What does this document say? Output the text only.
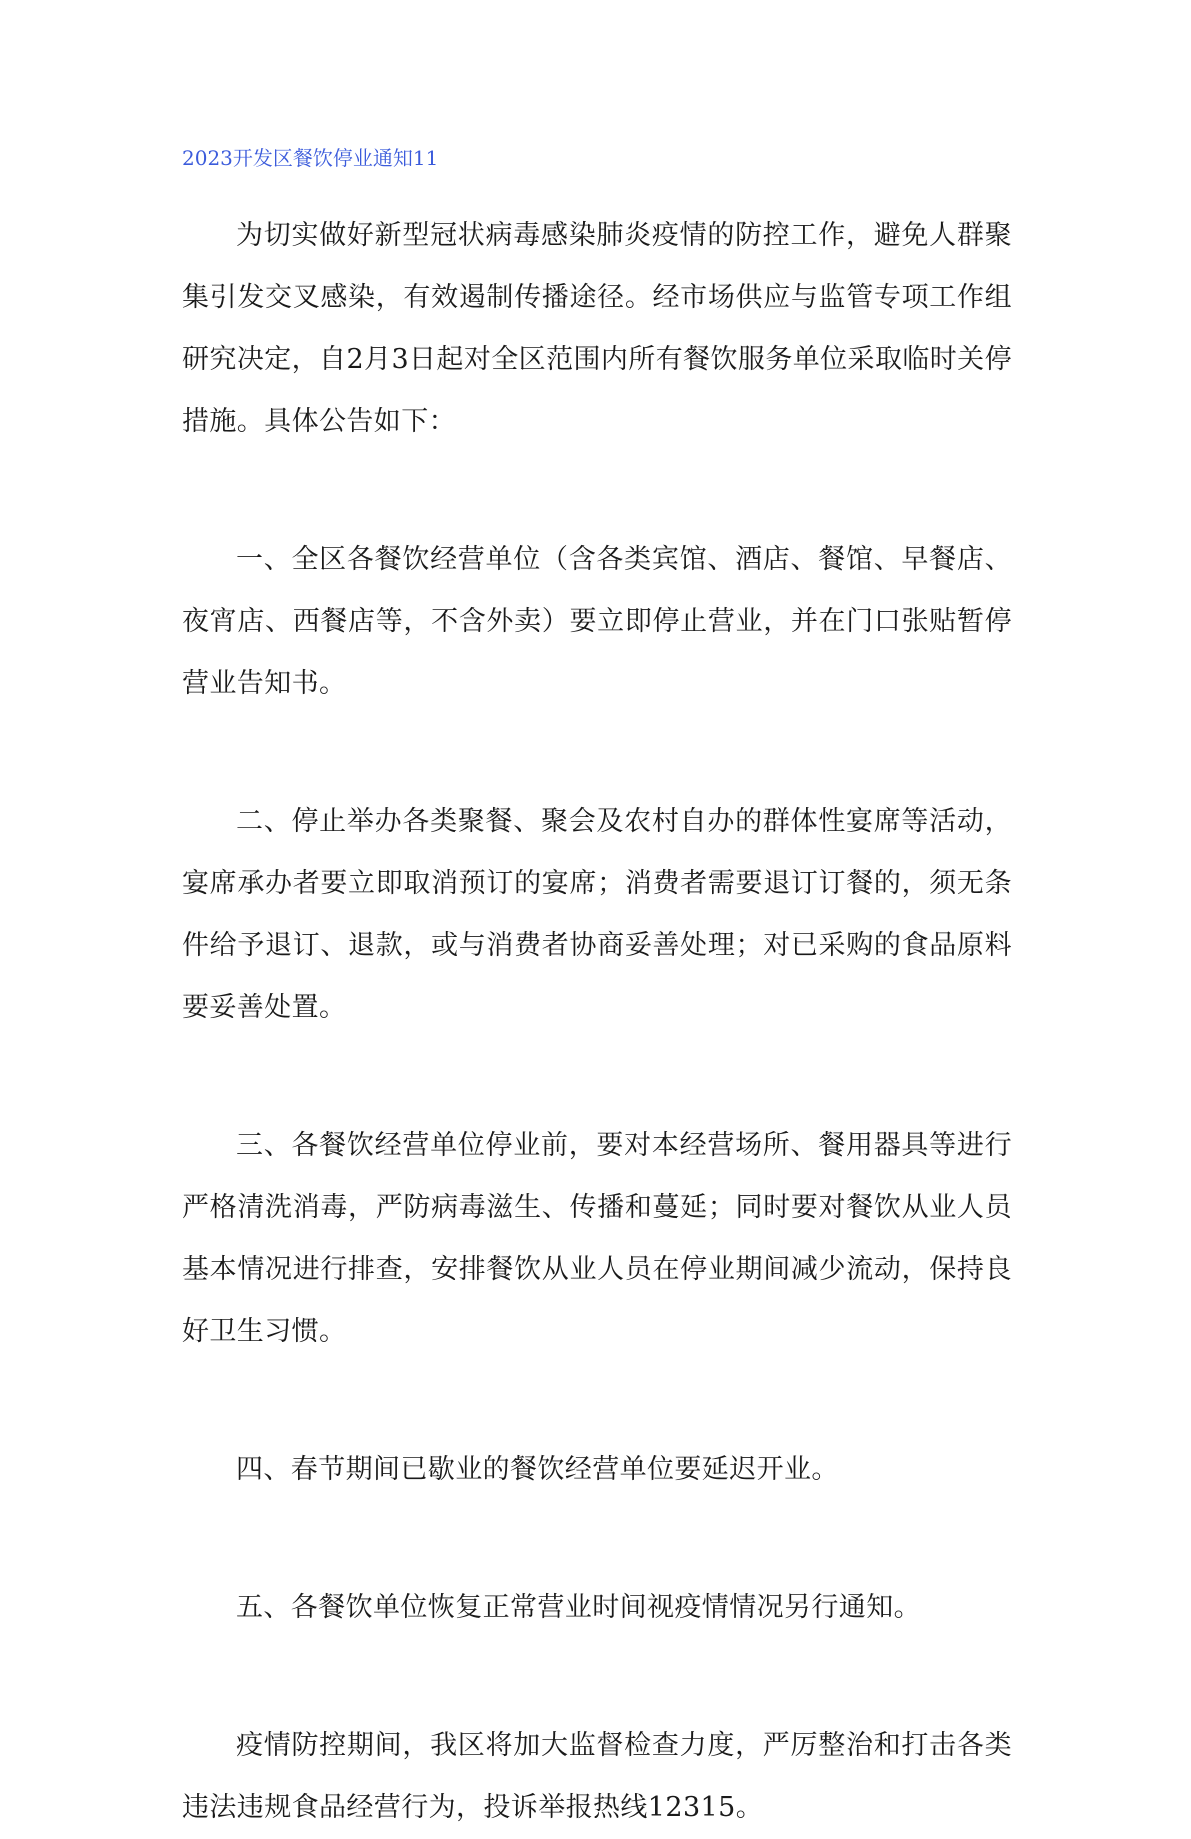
2023开发区餐饮停业通知11

为切实做好新型冠状病毒感染肺炎疫情的防控工作，避免人群聚集引发交叉感染，有效遏制传播途径。经市场供应与监管专项工作组研究决定，自2月3日起对全区范围内所有餐饮服务单位采取临时关停措施。具体公告如下：

一、全区各餐饮经营单位（含各类宾馆、酒店、餐馆、早餐店、夜宵店、西餐店等，不含外卖）要立即停止营业，并在门口张贴暂停营业告知书。

二、停止举办各类聚餐、聚会及农村自办的群体性宴席等活动，宴席承办者要立即取消预订的宴席；消费者需要退订订餐的，须无条件给予退订、退款，或与消费者协商妥善处理；对已采购的食品原料要妥善处置。

三、各餐饮经营单位停业前，要对本经营场所、餐用器具等进行严格清洗消毒，严防病毒滋生、传播和蔓延；同时要对餐饮从业人员基本情况进行排查，安排餐饮从业人员在停业期间减少流动，保持良好卫生习惯。

四、春节期间已歇业的餐饮经营单位要延迟开业。

五、各餐饮单位恢复正常营业时间视疫情情况另行通知。

疫情防控期间，我区将加大监督检查力度，严厉整治和打击各类违法违规食品经营行为，投诉举报热线12315。
